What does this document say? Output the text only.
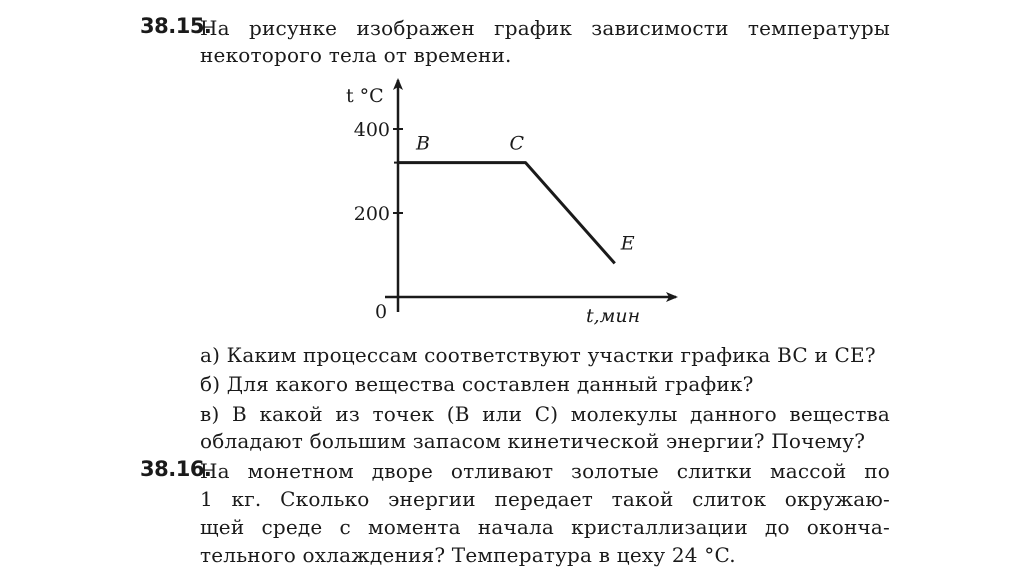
38.15.
На рисунке изображен график зависимости температуры
некоторого тела от времени.
200
400
B	C
E
t °C
0	t,мин
а) Каким процессам соответствуют участки графика BC и CE?
б) Для какого вещества составлен данный график?
в) В какой из точек (B или C) молекулы данного вещества
обладают большим запасом кинетической энергии? Почему?
38.16.
На монетном дворе отливают золотые слитки массой по
1 кг. Сколько энергии передает такой слиток окружаю-
щей среде с момента начала кристаллизации до оконча-
тельного охлаждения? Температура в цеху 24 °C.
